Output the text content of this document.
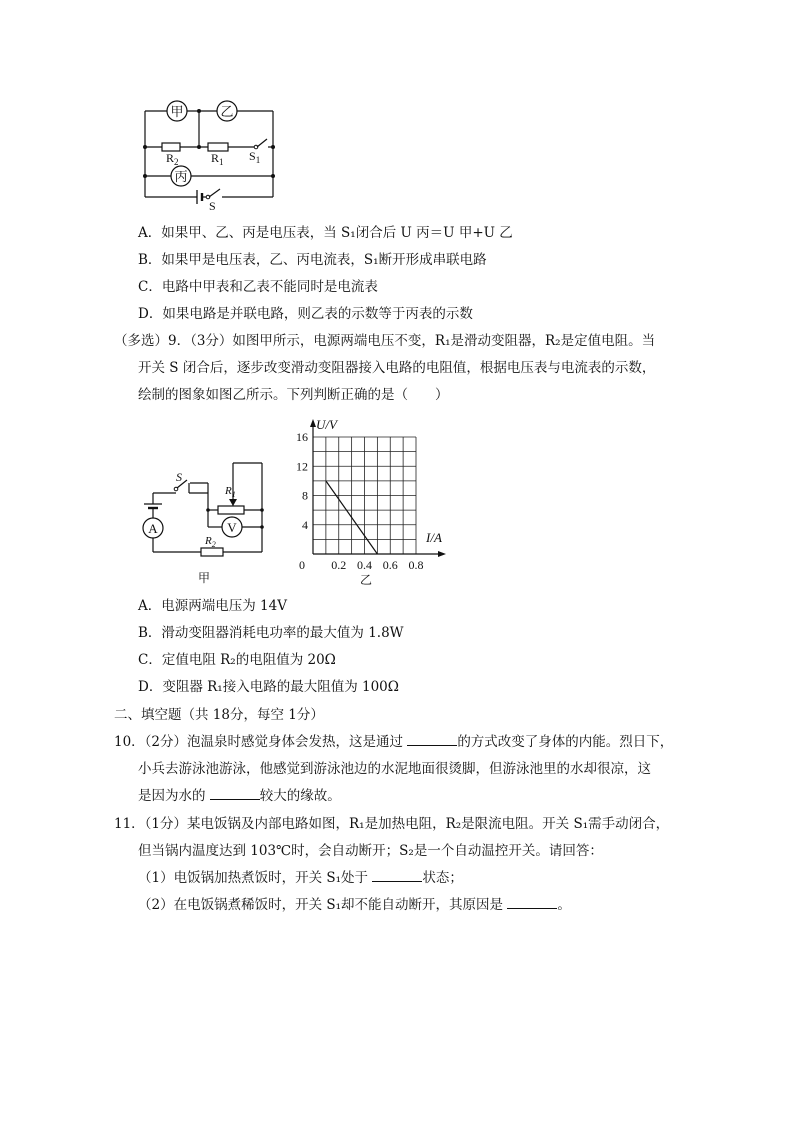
甲	乙
丙
$R_2$	$R_1$ $S_1$
S
A．如果甲、乙、丙是电压表，当 S₁闭合后 U 丙＝U 甲+U 乙
B．如果甲是电压表，乙、丙电流表，S₁断开形成串联电路
C．电路中甲表和乙表不能同时是电流表
D．如果电路是并联电路，则乙表的示数等于丙表的示数
（多选）9．（3分）如图甲所示，电源两端电压不变，R₁是滑动变阻器，R₂是定值电阻。当
开关 S 闭合后，逐步改变滑动变阻器接入电路的电阻值，根据电压表与电流表的示数，
绘制的图象如图乙所示。下列判断正确的是（　　）
S
A
$R_1$
V
$R_2$
甲
U/V
I/A
0 0.2 0.4 0.6 0.8
4
8
12
16
乙
A．电源两端电压为 14V
B．滑动变阻器消耗电功率的最大值为 1.8W
C．定值电阻 R₂的电阻值为 20Ω
D．变阻器 R₁接入电路的最大阻值为 100Ω
二、填空题（共 18分，每空 1分）
10．（2分）泡温泉时感觉身体会发热，这是通过	的方式改变了身体的内能。烈日下，
小兵去游泳池游泳，他感觉到游泳池边的水泥地面很烫脚，但游泳池里的水却很凉，这
是因为水的	较大的缘故。
11．（1分）某电饭锅及内部电路如图，R₁是加热电阻，R₂是限流电阻。开关 S₁需手动闭合，
但当锅内温度达到 103℃时，会自动断开；S₂是一个自动温控开关。请回答：
（1）电饭锅加热煮饭时，开关 S₁处于	状态；
（2）在电饭锅煮稀饭时，开关 S₁却不能自动断开，其原因是	。
